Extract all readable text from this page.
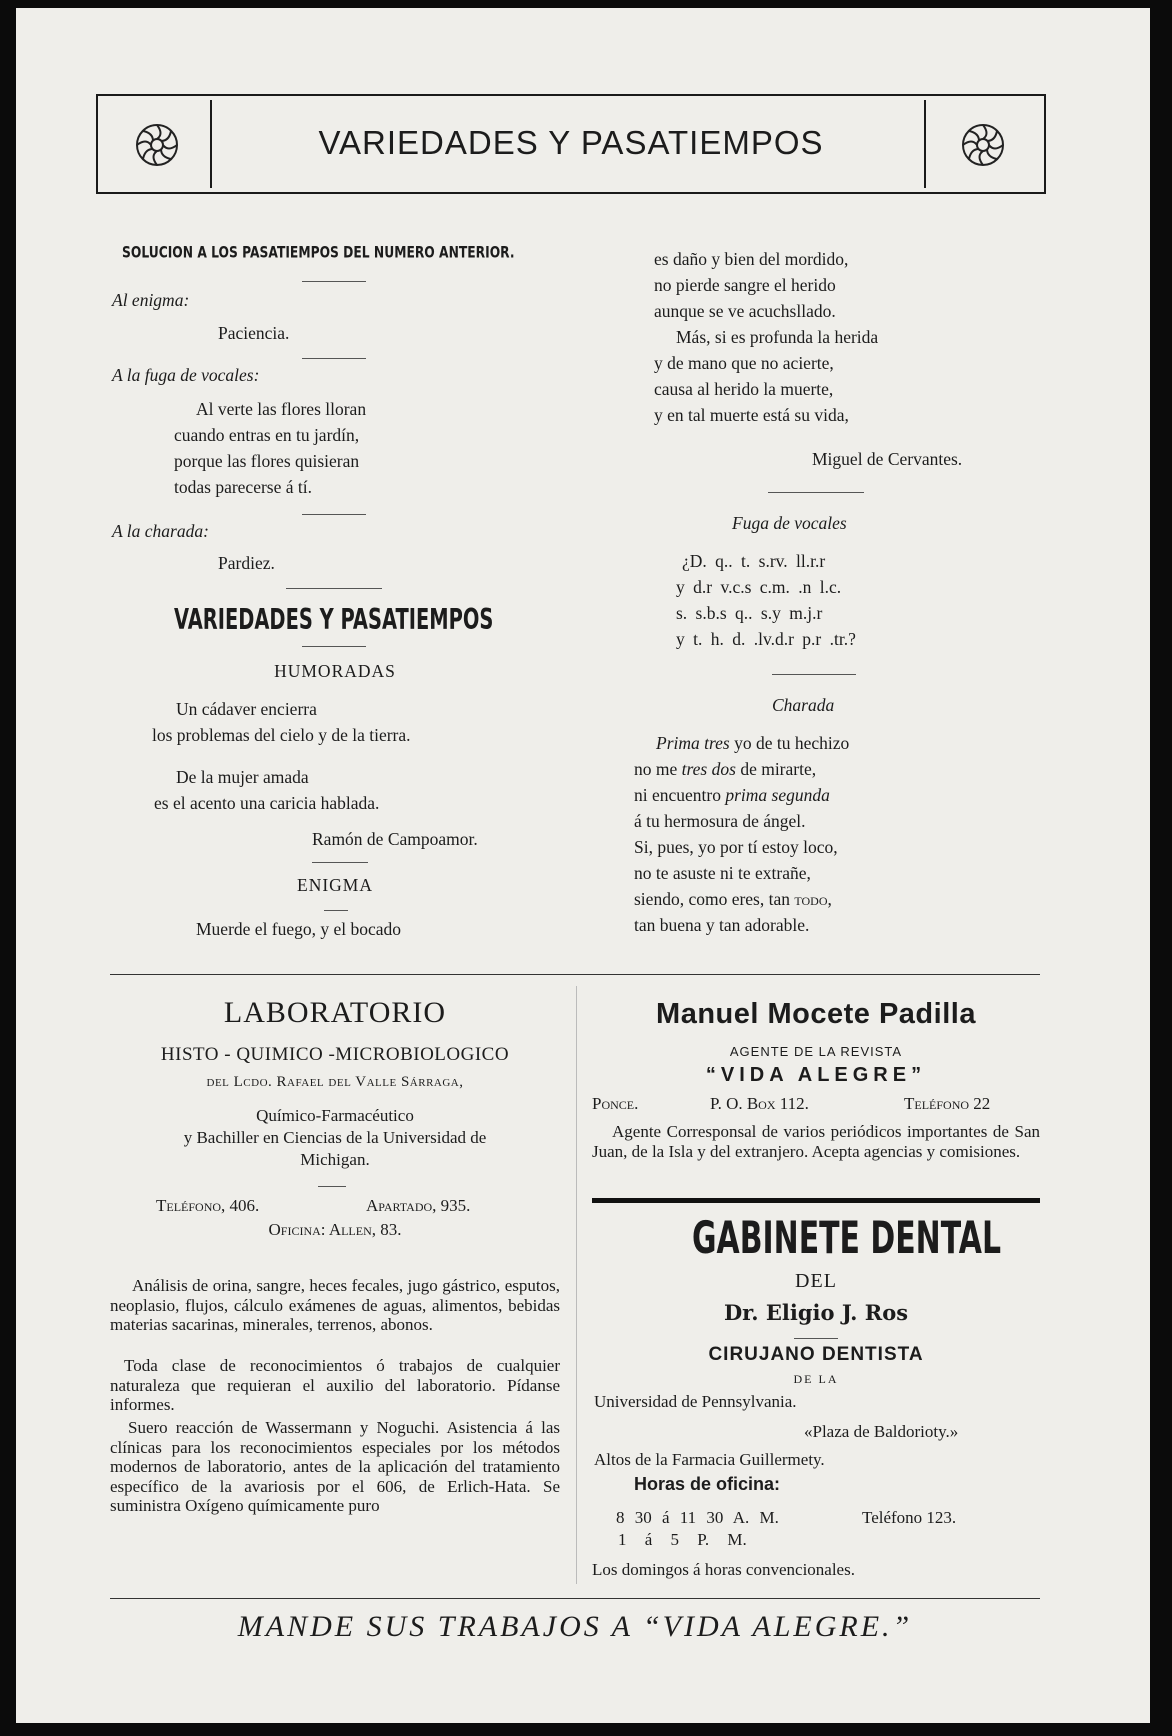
VARIEDADES Y PASATIEMPOS
SOLUCION A LOS PASATIEMPOS DEL NUMERO ANTERIOR.
Al enigma:
Paciencia.
A la fuga de vocales:
Al verte las flores lloran
cuando entras en tu jardín,
porque las flores quisieran
todas parecerse á tí.
A la charada:
Pardiez.
VARIEDADES Y PASATIEMPOS
HUMORADAS
Un cádaver encierra
los problemas del cielo y de la tierra.
De la mujer amada
es el acento una caricia hablada.
Ramón de Campoamor.
ENIGMA
Muerde el fuego, y el bocado
es daño y bien del mordido,
no pierde sangre el herido
aunque se ve acuchsllado.
Más, si es profunda la herida
y de mano que no acierte,
causa al herido la muerte,
y en tal muerte está su vida,
Miguel de Cervantes.
Fuga de vocales
¿D. q.. t. s.rv. ll.r.r
y d.r v.c.s c.m. .n l.c.
s. s.b.s q.. s.y m.j.r
y t. h. d. .lv.d.r p.r .tr.?
Charada
Prima tres yo de tu hechizo
no me tres dos de mirarte,
ni encuentro prima segunda
á tu hermosura de ángel.
Si, pues, yo por tí estoy loco,
no te asuste ni te extrañe,
siendo, como eres, tan todo,
tan buena y tan adorable.
LABORATORIO
HISTO - QUIMICO -MICROBIOLOGICO
del Lcdo. Rafael del Valle Sárraga,
Químico-Farmacéutico
y Bachiller en Ciencias de la Universidad de
Michigan.
Teléfono, 406.	Apartado, 935.
Oficina: Allen, 83.
Análisis de orina, sangre, heces fecales, jugo gástrico, esputos, neoplasio, flujos, cálculo exámenes de aguas, alimentos, bebidas materias sacarinas, minerales, terrenos, abonos.
Toda clase de reconocimientos ó trabajos de cualquier naturaleza que requieran el auxilio del laboratorio. Pídanse informes.
Suero reacción de Wassermann y Noguchi. Asistencia á las clínicas para los reconocimientos especiales por los métodos modernos de laboratorio, antes de la aplicación del tratamiento específico de la avariosis por el 606, de Erlich-Hata. Se suministra Oxígeno químicamente puro
Manuel Mocete Padilla
AGENTE DE LA REVISTA
“VIDA ALEGRE”
Ponce.	P. O. Box 112.	Teléfono 22
Agente Corresponsal de varios periódicos importantes de San Juan, de la Isla y del extranjero. Acepta agencias y comisiones.
GABINETE DENTAL
DEL
Dr. Eligio J. Ros
CIRUJANO DENTISTA
DE LA
Universidad de Pennsylvania.
«Plaza de Baldorioty.»
Altos de la Farmacia Guillermety.
Horas de oficina:
8 30 á 11 30 A. M.	Teléfono 123.
1 á 5 P. M.
Los domingos á horas convencionales.
MANDE SUS TRABAJOS A “VIDA ALEGRE.”
